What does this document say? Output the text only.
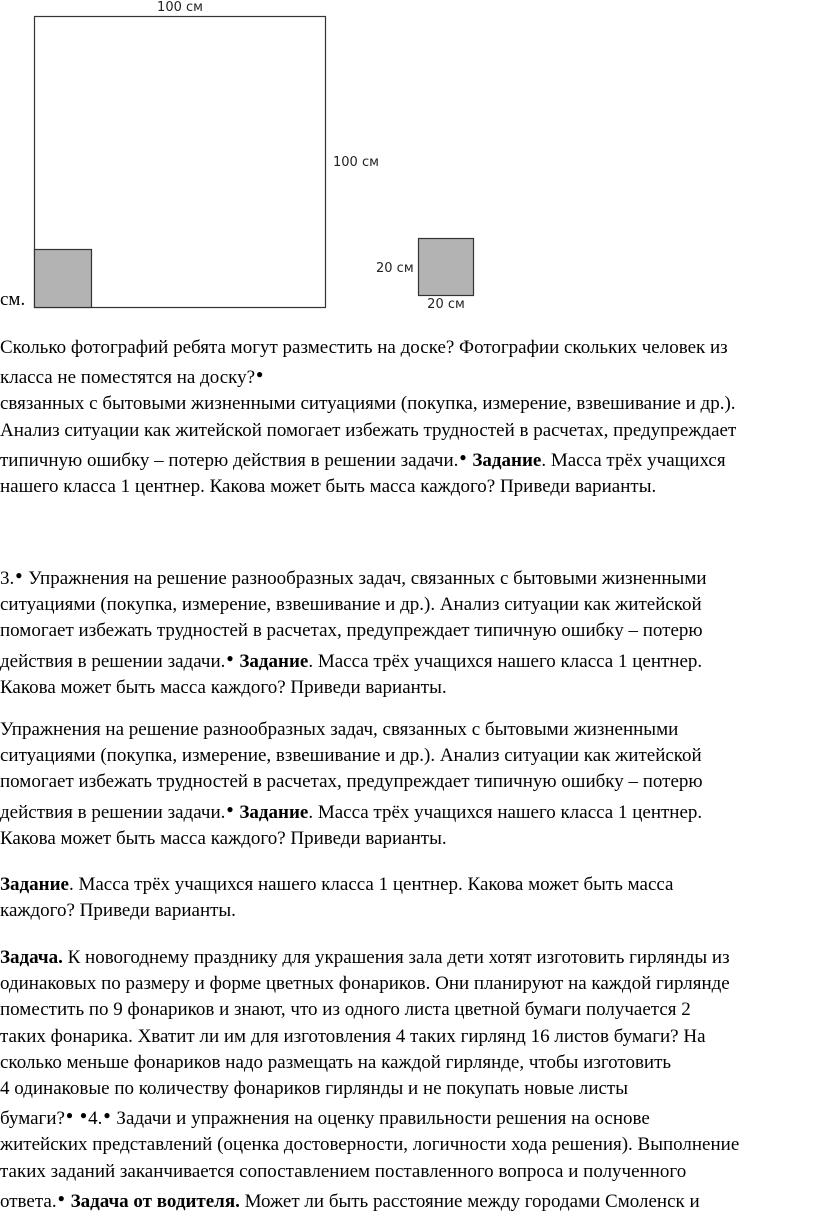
100 см
100 см
20 см
20 см
см.

Сколько фотографий ребята могут разместить на доске? Фотографии скольких человек из
класса не поместятся на доску?●
связанных с бытовыми жизненными ситуациями (покупка, измерение, взвешивание и др.).
Анализ ситуации как житейской помогает избежать трудностей в расчетах, предупреждает
типичную ошибку – потерю действия в решении задачи.● Задание. Масса трёх учащихся
нашего класса 1 центнер. Какова может быть масса каждого? Приведи варианты.

3.● Упражнения на решение разнообразных задач, связанных с бытовыми жизненными
ситуациями (покупка, измерение, взвешивание и др.). Анализ ситуации как житейской
помогает избежать трудностей в расчетах, предупреждает типичную ошибку – потерю
действия в решении задачи.● Задание. Масса трёх учащихся нашего класса 1 центнер.
Какова может быть масса каждого? Приведи варианты.

Упражнения на решение разнообразных задач, связанных с бытовыми жизненными
ситуациями (покупка, измерение, взвешивание и др.). Анализ ситуации как житейской
помогает избежать трудностей в расчетах, предупреждает типичную ошибку – потерю
действия в решении задачи.● Задание. Масса трёх учащихся нашего класса 1 центнер.
Какова может быть масса каждого? Приведи варианты.

Задание. Масса трёх учащихся нашего класса 1 центнер. Какова может быть масса
каждого? Приведи варианты.

Задача. К новогоднему празднику для украшения зала дети хотят изготовить гирлянды из
одинаковых по размеру и форме цветных фонариков. Они планируют на каждой гирлянде
поместить по 9 фонариков и знают, что из одного листа цветной бумаги получается 2
таких фонарика. Хватит ли им для изготовления 4 таких гирлянд 16 листов бумаги? На
сколько меньше фонариков надо размещать на каждой гирлянде, чтобы изготовить
4 одинаковые по количеству фонариков гирлянды и не покупать новые листы
бумаги?● ●4.● Задачи и упражнения на оценку правильности решения на основе
житейских представлений (оценка достоверности, логичности хода решения). Выполнение
таких заданий заканчивается сопоставлением поставленного вопроса и полученного
ответа.● Задача от водителя. Может ли быть расстояние между городами Смоленск и
